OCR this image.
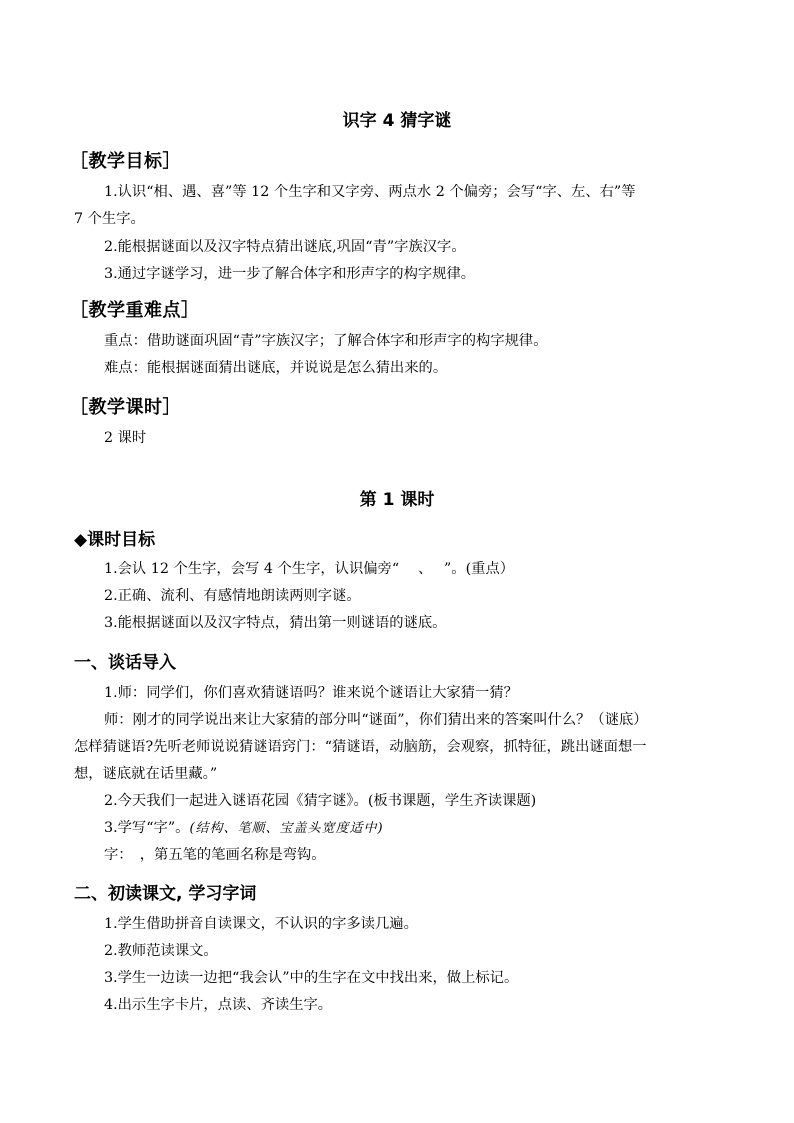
识字 4 猜字谜
［教学目标］
1.认识“相、遇、喜”等 12 个生字和又字旁、两点水 2 个偏旁；会写“字、左、右”等
7 个生字。
2.能根据谜面以及汉字特点猜出谜底,巩固“青”字族汉字。
3.通过字谜学习，进一步了解合体字和形声字的构字规律。
［教学重难点］
重点：借助谜面巩固“青”字族汉字；了解合体字和形声字的构字规律。
难点：能根据谜面猜出谜底，并说说是怎么猜出来的。
［教学课时］
2 课时
第 1 课时
◆课时目标
1.会认 12 个生字，会写 4 个生字，认识偏旁“　 、　 ”。(重点）
2.正确、流利、有感情地朗读两则字谜。
3.能根据谜面以及汉字特点，猜出第一则谜语的谜底。
一、谈话导入
1.师：同学们，你们喜欢猜谜语吗？谁来说个谜语让大家猜一猜？
师：刚才的同学说出来让大家猜的部分叫“谜面”，你们猜出来的答案叫什么？（谜底）
怎样猜谜语?先听老师说说猜谜语窍门：“猜谜语，动脑筋，会观察，抓特征，跳出谜面想一
想，谜底就在话里藏。”
2.今天我们一起进入谜语花园《猜字谜》。(板书课题，学生齐读课题)
3.学写“字”。(结构、笔顺、宝盖头宽度适中)
字：　，第五笔的笔画名称是弯钩。
二、初读课文, 学习字词
1.学生借助拼音自读课文，不认识的字多读几遍。
2.教师范读课文。
3.学生一边读一边把“我会认”中的生字在文中找出来，做上标记。
4.出示生字卡片，点读、齐读生字。
